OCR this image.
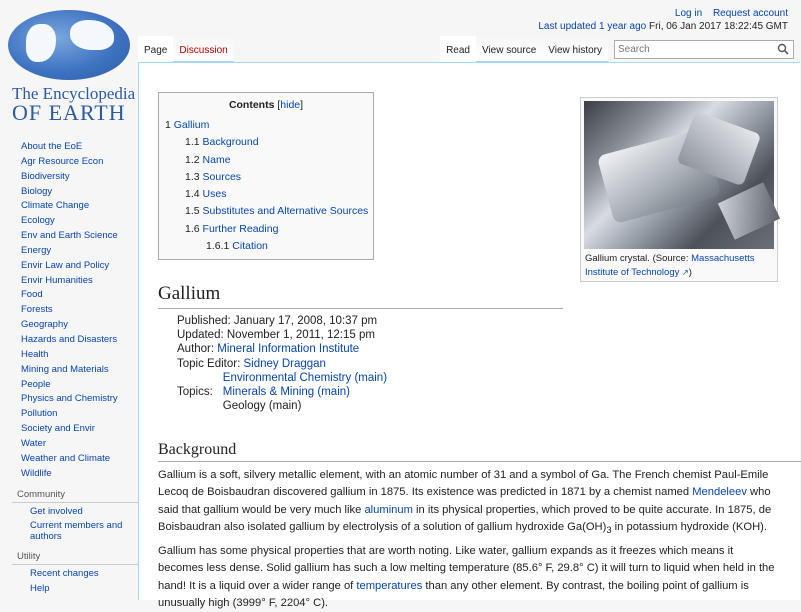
Log in Request account
Last updated 1 year ago Fri, 06 Jan 2017 18:22:45 GMT
The Encyclopedia
OF EARTH
About the EoE
Agr Resource Econ
Biodiversity
Biology
Climate Change
Ecology
Env and Earth Science
Energy
Envir Law and Policy
Envir Humanities
Food
Forests
Geography
Hazards and Disasters
Health
Mining and Materials
People
Physics and Chemistry
Pollution
Society and Envir
Water
Weather and Climate
Wildlife
Community
Get involved
Current members and authors
Utility
Recent changes
Help
Page	Discussion	Read	View source	View history
Search
Contents [hide]
1 Gallium
1.1 Background
1.2 Name
1.3 Sources
1.4 Uses
1.5 Substitutes and Alternative Sources
1.6 Further Reading
1.6.1 Citation
Gallium crystal. (Source: Massachusetts Institute of Technology ↗)
Gallium
Published: January 17, 2008, 10:37 pm
Updated: November 1, 2011, 12:15 pm
Author: Mineral Information Institute
Topic Editor: Sidney Draggan
Topics:	
Environmental Chemistry (main)
Minerals & Mining (main)
Geology (main)
Background

Gallium is a soft, silvery metallic element, with an atomic number of 31 and a symbol of Ga. The French chemist Paul-Emile Lecoq de Boisbaudran discovered gallium in 1875. Its existence was predicted in 1871 by a chemist named Mendeleev who said that gallium would be very much like aluminum in its physical properties, which proved to be quite accurate. In 1875, de Boisbaudran also isolated gallium by electrolysis of a solution of gallium hydroxide $Ga(OH)_3$ in potassium hydroxide (KOH).

Gallium has some physical properties that are worth noting. Like water, gallium expands as it freezes which means it becomes less dense. Solid gallium has such a low melting temperature (85.6° F, 29.8° C) it will turn to liquid when held in the hand! It is a liquid over a wider range of temperatures than any other element. By contrast, the boiling point of gallium is unusually high (3999° F, 2204° C).
